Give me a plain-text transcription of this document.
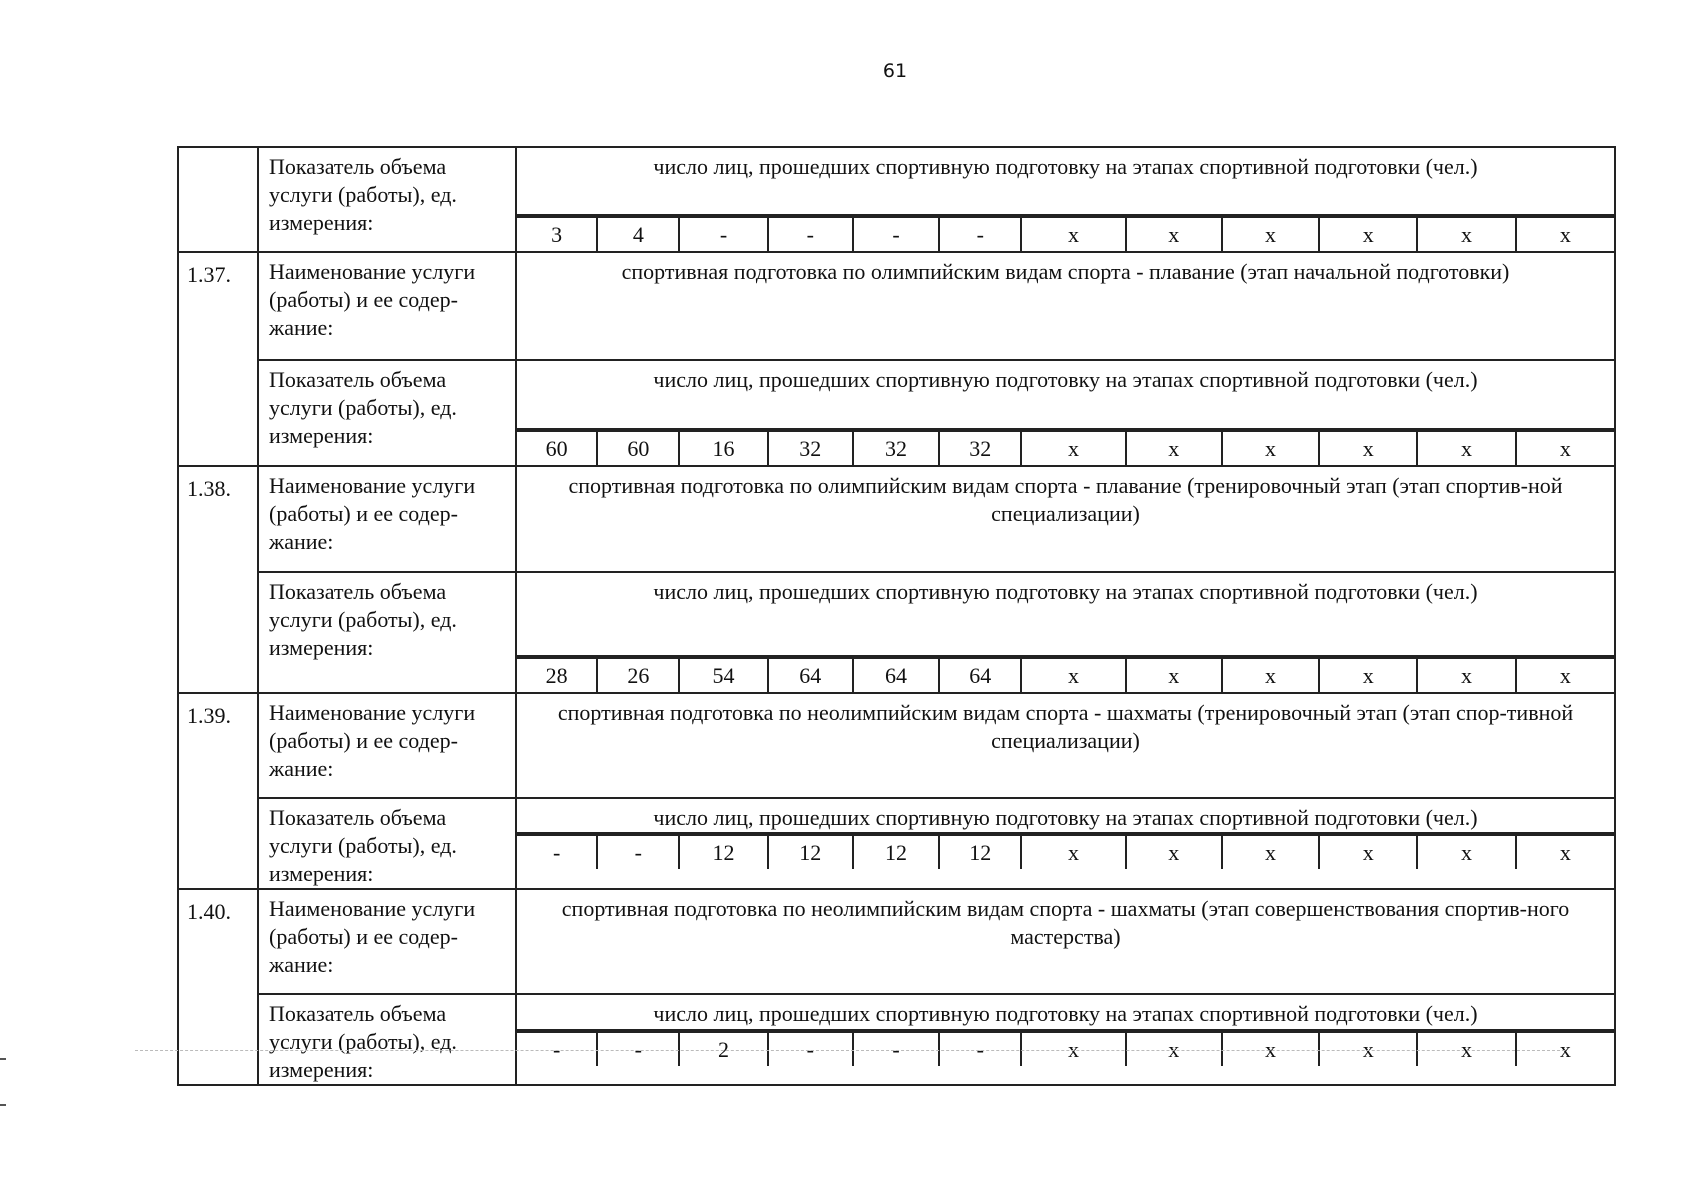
61
	Показатель объема услуги (работы), ед. измерения:	число лиц, прошедших спортивную подготовку на этапах спортивной подготовки (чел.)

3	4	-	-	-	-	x	x	x	x	x	x

1.37.	Наименование услуги (работы) и ее содер-жание:	спортивная подготовка по олимпийским видам спорта - плавание (этап начальной подготовки)
Показатель объема услуги (работы), ед. измерения:	число лиц, прошедших спортивную подготовку на этапах спортивной подготовки (чел.)

60	60	16	32	32	32	x	x	x	x	x	x

1.38.	Наименование услуги (работы) и ее содер-жание:	спортивная подготовка по олимпийским видам спорта - плавание (тренировочный этап (этап спортив-ной специализации)
Показатель объема услуги (работы), ед. измерения:	число лиц, прошедших спортивную подготовку на этапах спортивной подготовки (чел.)

28	26	54	64	64	64	x	x	x	x	x	x

1.39.	Наименование услуги (работы) и ее содер-жание:	спортивная подготовка по неолимпийским видам спорта - шахматы (тренировочный этап (этап спор-тивной специализации)
Показатель объема услуги (работы), ед. измерения:	число лиц, прошедших спортивную подготовку на этапах спортивной подготовки (чел.)

-	-	12	12	12	12	x	x	x	x	x	x

1.40.	Наименование услуги (работы) и ее содер-жание:	спортивная подготовка по неолимпийским видам спорта - шахматы (этап совершенствования спортив-ного мастерства)
Показатель объема услуги (работы), ед. измерения:	число лиц, прошедших спортивную подготовку на этапах спортивной подготовки (чел.)

-	-	2	-	-	-	x	x	x	x	x	x
